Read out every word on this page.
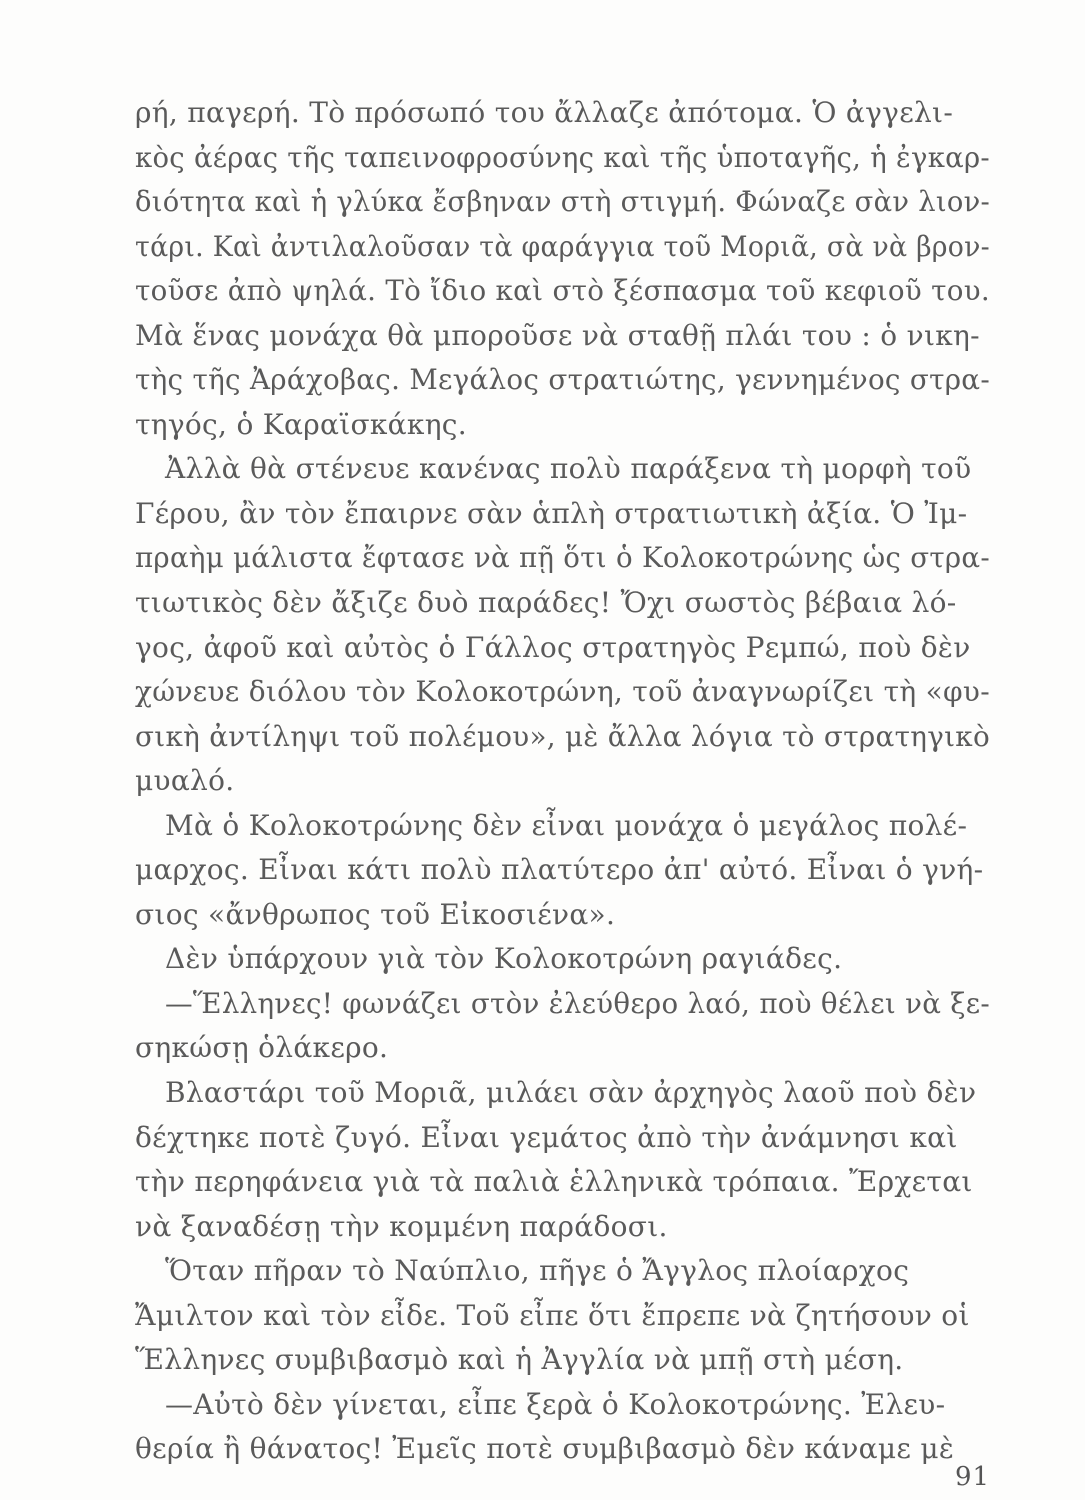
ρή, παγερή. Τὸ πρόσωπό του ἄλλαζε ἀπότομα. Ὁ ἀγγελι-
κὸς ἀέρας τῆς ταπεινοφροσύνης καὶ τῆς ὑποταγῆς, ἡ ἐγκαρ-
διότητα καὶ ἡ γλύκα ἔσβηναν στὴ στιγμή. Φώναζε σὰν λιον-
τάρι. Καὶ ἀντιλαλοῦσαν τὰ φαράγγια τοῦ Μοριᾶ, σὰ νὰ βρον-
τοῦσε ἀπὸ ψηλά. Τὸ ἴδιο καὶ στὸ ξέσπασμα τοῦ κεφιοῦ του.
Μὰ ἕνας μονάχα θὰ μποροῦσε νὰ σταθῇ πλάι του : ὁ νικη-
τὴς τῆς Ἀράχοβας. Μεγάλος στρατιώτης, γεννημένος στρα-
τηγός, ὁ Καραϊσκάκης.
Ἀλλὰ θὰ στένευε κανένας πολὺ παράξενα τὴ μορφὴ τοῦ
Γέρου, ἂν τὸν ἔπαιρνε σὰν ἁπλὴ στρατιωτικὴ ἀξία. Ὁ Ἰμ-
πραὴμ μάλιστα ἔφτασε νὰ πῇ ὅτι ὁ Κολοκοτρώνης ὡς στρα-
τιωτικὸς δὲν ἄξιζε δυὸ παράδες! Ὄχι σωστὸς βέβαια λό-
γος, ἀφοῦ καὶ αὐτὸς ὁ Γάλλος στρατηγὸς Ρεμπώ, ποὺ δὲν
χώνευε διόλου τὸν Κολοκοτρώνη, τοῦ ἀναγνωρίζει τὴ «φυ-
σικὴ ἀντίληψι τοῦ πολέμου», μὲ ἄλλα λόγια τὸ στρατηγικὸ
μυαλό.
Μὰ ὁ Κολοκοτρώνης δὲν εἶναι μονάχα ὁ μεγάλος πολέ-
μαρχος. Εἶναι κάτι πολὺ πλατύτερο ἀπ' αὐτό. Εἶναι ὁ γνή-
σιος «ἄνθρωπος τοῦ Εἰκοσιένα».
Δὲν ὑπάρχουν γιὰ τὸν Κολοκοτρώνη ραγιάδες.
—Ἕλληνες! φωνάζει στὸν ἐλεύθερο λαό, ποὺ θέλει νὰ ξε-
σηκώσῃ ὁλάκερο.
Βλαστάρι τοῦ Μοριᾶ, μιλάει σὰν ἀρχηγὸς λαοῦ ποὺ δὲν
δέχτηκε ποτὲ ζυγό. Εἶναι γεμάτος ἀπὸ τὴν ἀνάμνησι καὶ
τὴν περηφάνεια γιὰ τὰ παλιὰ ἑλληνικὰ τρόπαια. Ἔρχεται
νὰ ξαναδέσῃ τὴν κομμένη παράδοσι.
Ὅταν πῆραν τὸ Ναύπλιο, πῆγε ὁ Ἄγγλος πλοίαρχος
Ἄμιλτον καὶ τὸν εἶδε. Τοῦ εἶπε ὅτι ἔπρεπε νὰ ζητήσουν οἱ
Ἕλληνες συμβιβασμὸ καὶ ἡ Ἀγγλία νὰ μπῇ στὴ μέση.
—Αὐτὸ δὲν γίνεται, εἶπε ξερὰ ὁ Κολοκοτρώνης. Ἐλευ-
θερία ἢ θάνατος! Ἐμεῖς ποτὲ συμβιβασμὸ δὲν κάναμε μὲ
91
